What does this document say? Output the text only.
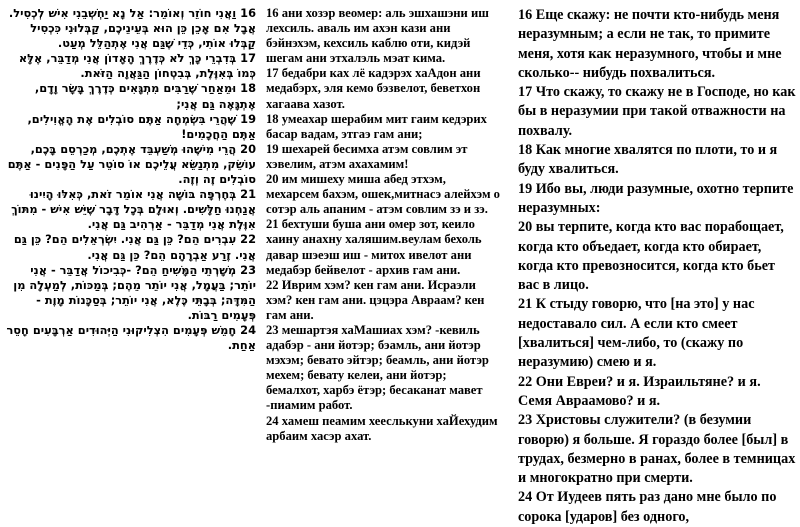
16 וַאֲנִי חוֹזֵר וְאוֹמֵר: אַל נָא יַחְשְׁבֵנִי אִישׁ לְכְסִיל. אֲבָל אִם אָכֵן כֵּן הוּא בְּעֵינֵיכֶם, קַבְּלוּנִי כִּכְסִיל קַבְּלוּ אוֹתִי, כְּדֵי שֶׁגַּם אֲנִי אֶתְהַלֵּל מְעַט.

17 בְּדִבְרֵי כָּךְ לֹא כְּדֶרֶךְ הָאָדוֹן אֲנִי מְדַבֵּר, אֶלָּא כְּמוֹ בְּאִוֶּלֶת, בְּבִטְחוֹן הַגַּאֲוָה הַזֹּאת.

18 וּמֵאַחַר שֶׁרַבִּים מִתְגָּאִים כְּדֶרֶךְ בָּשָׂר וָדָם, אֶתְגָּאֶה גַּם אֲנִי;

19 שֶׁהֲרֵי בִּשְׂמְחָה אַתֶּם סוֹבְלִים אֶת הָאֱוִילִים, אַתֶּם הַחֲכָמִים!

20 הֲרֵי מִישֶׁהוּ מְשַׁעְבֵּד אֶתְכֶם, מְכַרְסֵם בָּכֶם, עוֹשֵׂק, מִתְנַשֵּׂא עֲלֵיכֶם אוֹ סוֹטֵר עַל הַפָּנִים - אַתֶּם סוֹבְלִים זֶה וְזֶה.

21 בְּחֶרְפָּה בּוֹשָׁה אֲנִי אוֹמֵר זֹאת, כְּאִלּוּ הָיִינוּ אֲנַחְנוּ חַלָּשִׁים. וְאוּלָם בְּכָל דָּבָר שֶׁיֵּשׁ אִישׁ - מִתּוֹךְ אִוֶּלֶת אֲנִי מְדַבֵּר - אַרְהִיב גַּם אֲנִי.

22 עִבְרִים הֵם? כֵּן גַּם אֲנִי. יִשְׂרְאֵלִים הֵם? כֵּן גַּם אֲנִי. זֶרַע אַבְרָהָם הֵם? כֵּן גַּם אֲנִי.

23 מְשָׁרְתֵי הַמָּשִׁיחַ הֵם? -כְּבִיכוֹל אֲדַבֵּר - אֲנִי יוֹתֵר; בַּעֲמָל, אֲנִי יוֹתֵר מֵהֶם; בְּמַכּוֹת, לְמַעְלָה מִן הַמִּדָּה; בְּבָתֵּי כֶּלֶא, אֲנִי יוֹתֵר; בְּסַכָּנוֹת מָוֶת - פְּעָמִים רַבּוֹת.

24 חָמֵשׁ פְּעָמִים הִצְלִיקוּנִי הַיְּהוּדִים אַרְבָּעִים חָסֵר אַחַת.

16 ани хозэр веомер: аль эшхашэни иш лехсиль. аваль им ахэн кази ани бэйнэхэм, кехсиль каблю оти, кидэй шегам ани этхалэль мэат кима.

17 бедабри ках лё кадэрэх хаАдон ани медабэрх, эля кемо бэзвелот, беветхон хагаава хазот.

18 умеахар шерабим мит гаим кедэрих басар вадам, этгаэ гам ани;

19 шехарей бесимха атэм совлим эт хэвелим, атэм ахахамим!

20 им мишеху миша абед этхэм, мехарсем бахэм, ошек,митнасэ алейхэм о сотэр аль апаним - атэм совлим зэ и зэ.

21 бехтуши буша ани омер зот, кеило хаину анахну халяшим.веулам бехоль давар шэеэш иш - митох ивелот ани медабэр бейвелот - архив гам ани.

22 Иврим хэм? кен гам ани. Исраэли хэм? кен гам ани. цэцэра Авраам? кен гам ани.

23 мешартэя хаМашиах хэм? -кевиль адабэр - ани йотэр; бэамль, ани йотэр мэхэм; бевато эйтэр; беамль, ани йотэр мехем; бевату келеи, ани йотэр; бемалхот, харбэ ётэр; бесаканат мавет -пиамим работ.

24 хамеш пеамим хееслькуни хаЙехудим арбаим хасэр ахат.

16 Еще скажу: не почти кто-нибудь меня неразумным; а если не так, то примите меня, хотя как неразумного, чтобы и мне сколько-- нибудь похвалиться.

17 Что скажу, то скажу не в Господе, но как бы в неразумии при такой отважности на похвалу.

18 Как многие хвалятся по плоти, то и я буду хвалиться.

19 Ибо вы, люди разумные, охотно терпите неразумных:

20 вы терпите, когда кто вас порабощает, когда кто объедает, когда кто обирает, когда кто превозносится, когда кто бьет вас в лицо.

21 К стыду говорю, что [на это] у нас недоставало сил. А если кто смеет [хвалиться] чем-либо, то (скажу по неразумию) смею и я.

22 Они Евреи? и я. Израильтяне? и я. Семя Авраамово? и я.

23 Христовы служители? (в безумии говорю) я больше. Я гораздо более [был] в трудах, безмерно в ранах, более в темницах и многократно при смерти.

24 От Иудеев пять раз дано мне было по сорока [ударов] без одного,
